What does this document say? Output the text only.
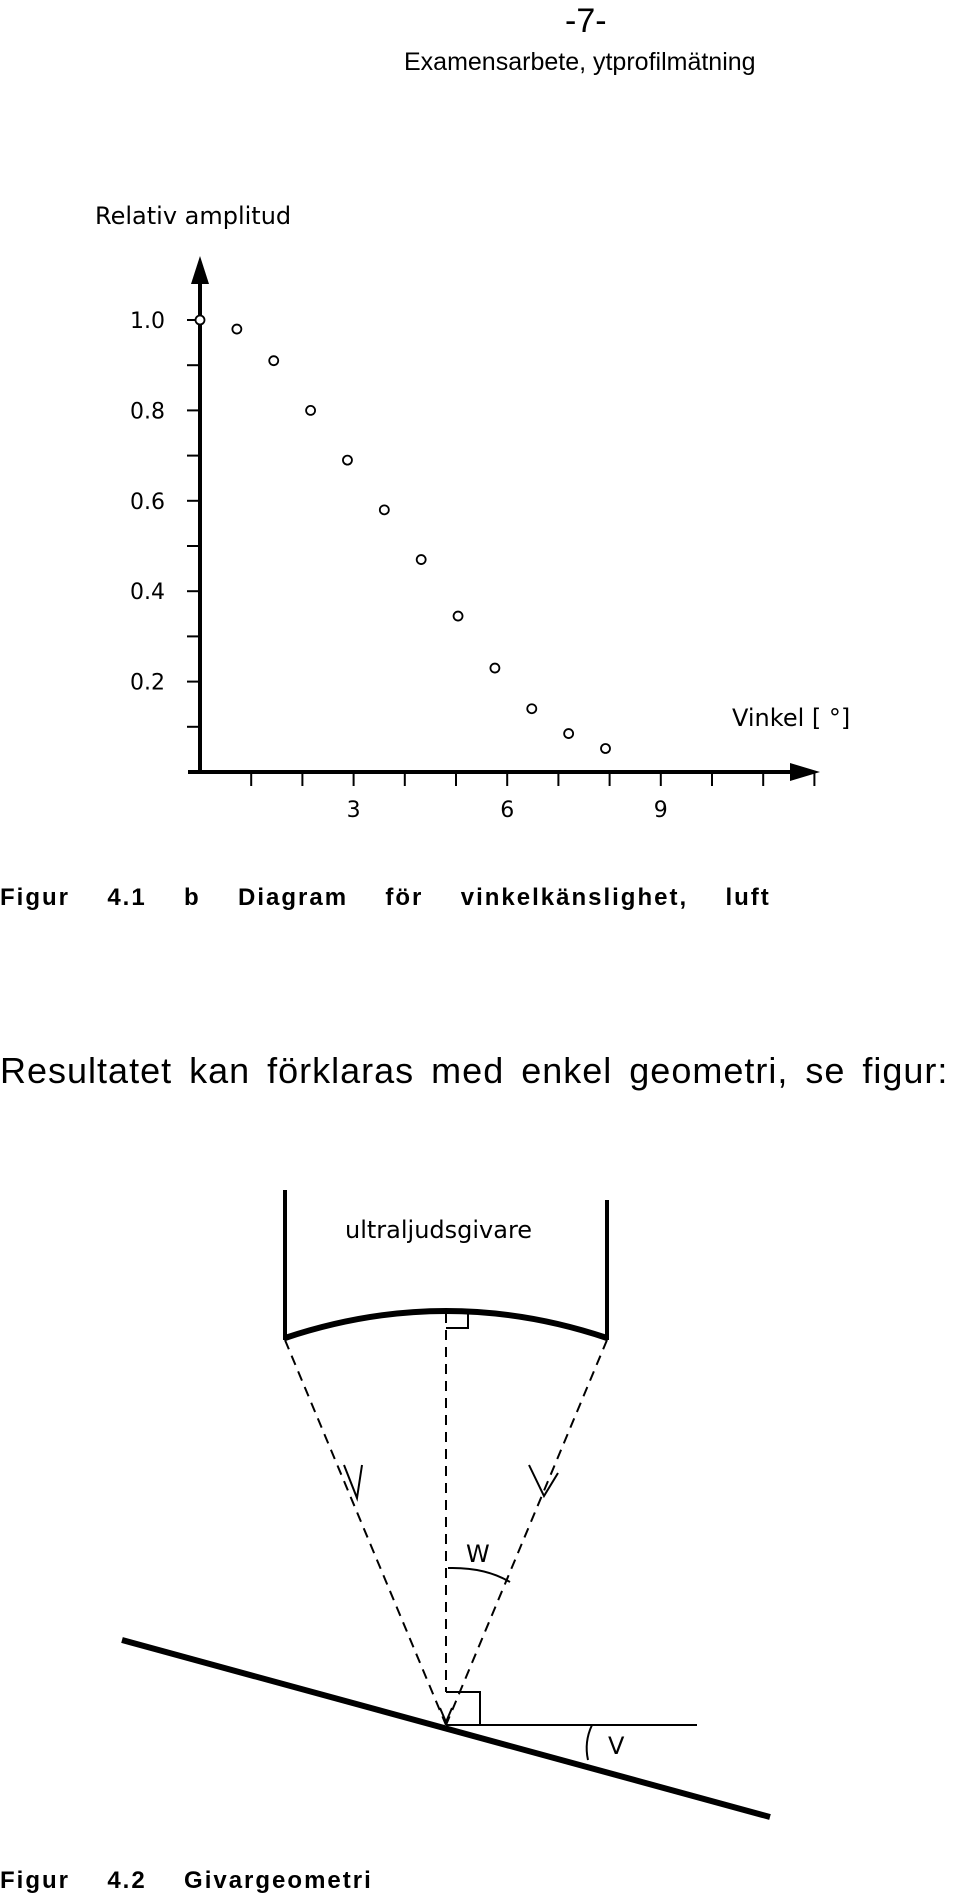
-7-
Examensarbete, ytprofilmätning
Relativ amplitud
Vinkel [ °]
0.2
0.4
0.6
0.8
1.0
3	6	9
Figur  4.1  b  Diagram  för  vinkelkänslighet,  luft
Resultatet kan förklaras med enkel geometri, se figur:
ultraljudsgivare
W
V
Figur  4.2  Givargeometri
